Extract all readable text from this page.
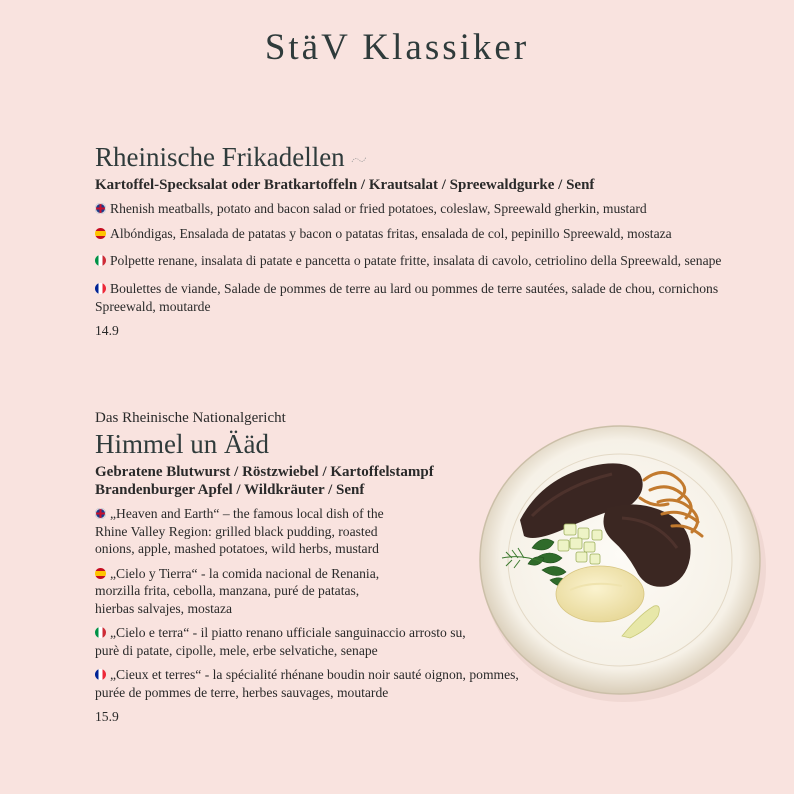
StäV Klassiker
Rheinische Frikadellen

Kartoffel-Specksalat oder Bratkartoffeln / Krautsalat / Spreewaldgurke / Senf

Rhenish meatballs, potato and bacon salad or fried potatoes, coleslaw, Spreewald gherkin, mustard

Albóndigas, Ensalada de patatas y bacon o patatas fritas, ensalada de col, pepinillo Spreewald, mostaza

Polpette renane, insalata di patate e pancetta o patate fritte, insalata di cavolo, cetriolino della Spreewald, senape

Boulettes de viande, Salade de pommes de terre au lard ou pommes de terre sautées, salade de chou, cornichons Spreewald, moutarde

14.9

Das Rheinische Nationalgericht

Himmel un Ääd

Gebratene Blutwurst / Röstzwiebel / Kartoffelstampf

Brandenburger Apfel / Wildkräuter / Senf

„Heaven and Earth“ – the famous local dish of the Rhine Valley Region: grilled black pudding, roasted onions, apple, mashed potatoes, wild herbs, mustard

„Cielo y Tierra“ - la comida nacional de Renania, morzilla frita, cebolla, manzana, puré de patatas, hierbas salvajes, mostaza

„Cielo e terra“ - il piatto renano ufficiale sanguinaccio arrosto su, purè di patate, cipolle, mele, erbe selvatiche, senape

„Cieux et terres“ - la spécialité rhénane boudin noir sauté oignon, pommes, purée de pommes de terre, herbes sauvages, moutarde

15.9
